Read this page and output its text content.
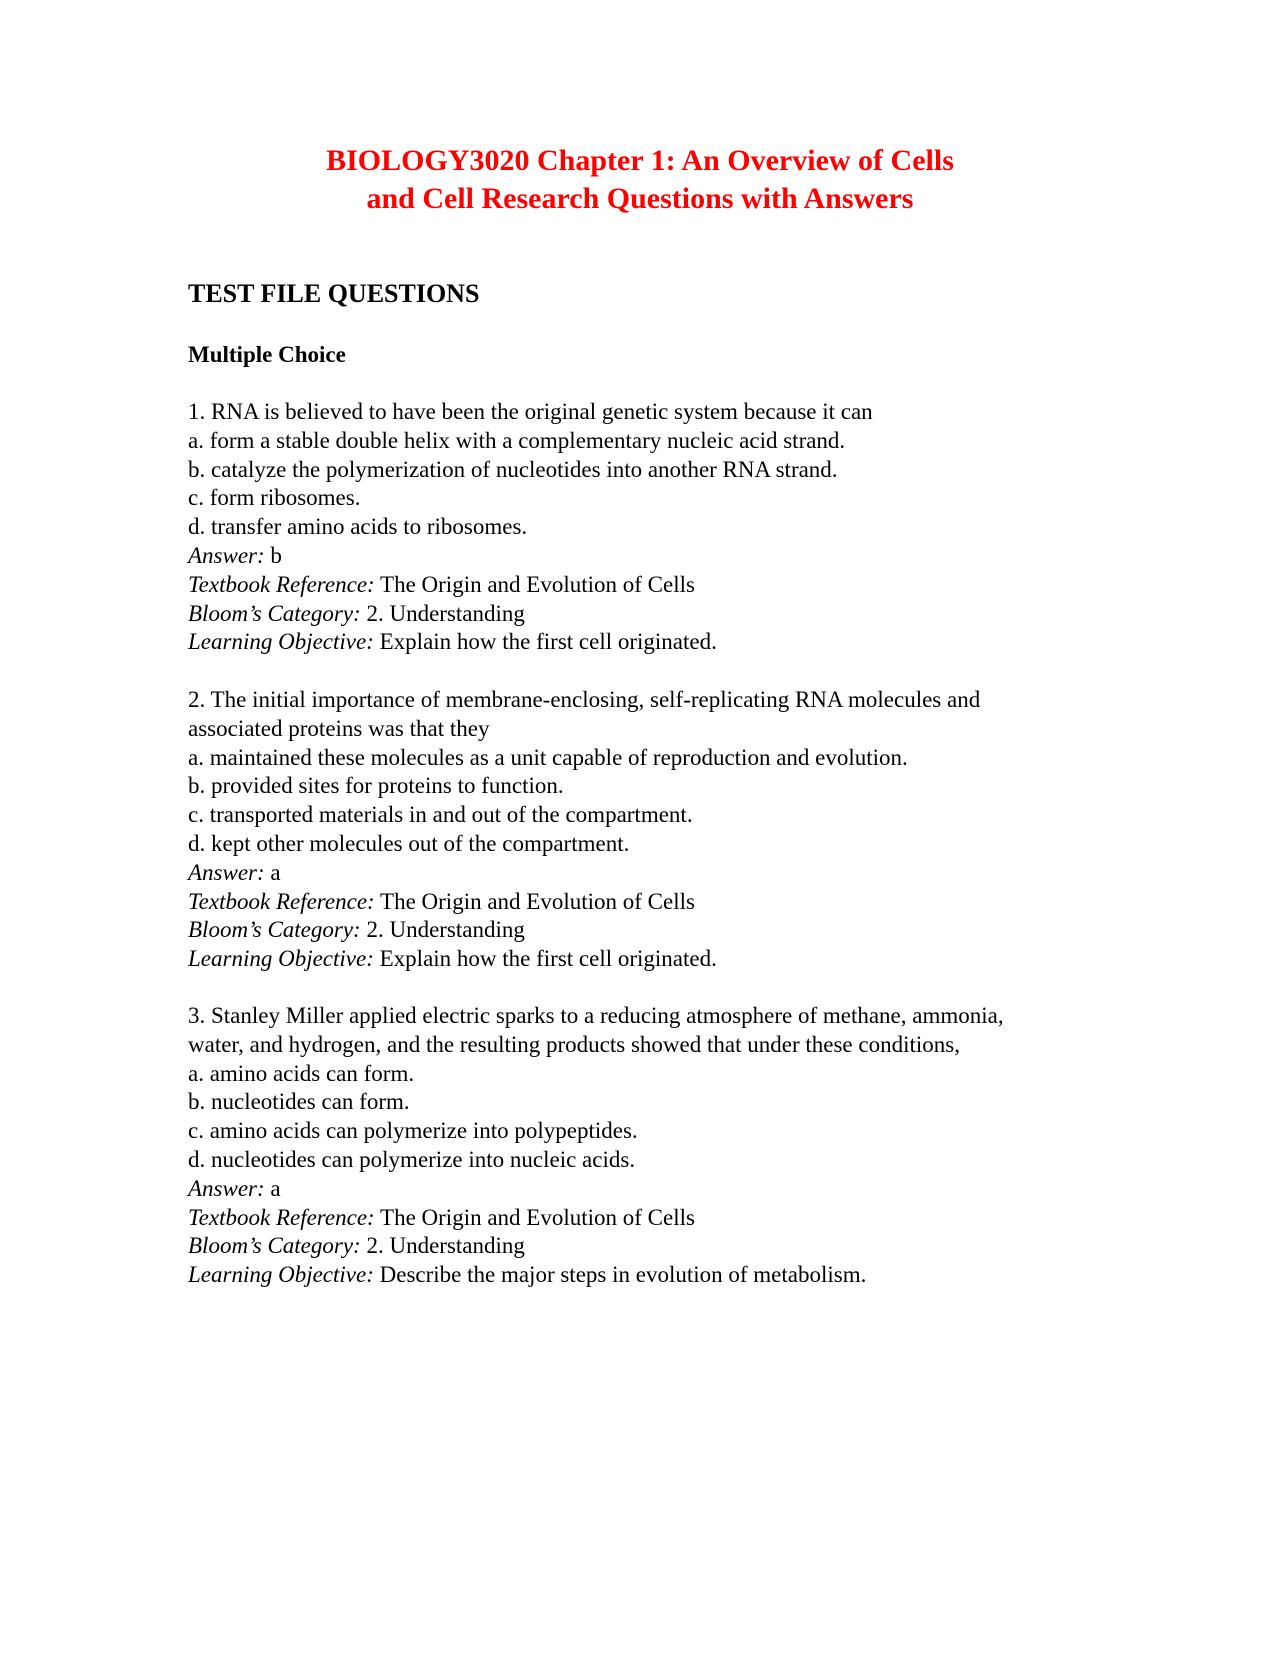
BIOLOGY3020 Chapter 1: An Overview of Cells
and Cell Research Questions with Answers
TEST FILE QUESTIONS
Multiple Choice
1. RNA is believed to have been the original genetic system because it can
a. form a stable double helix with a complementary nucleic acid strand.
b. catalyze the polymerization of nucleotides into another RNA strand.
c. form ribosomes.
d. transfer amino acids to ribosomes.
Answer: b
Textbook Reference: The Origin and Evolution of Cells
Bloom’s Category: 2. Understanding
Learning Objective: Explain how the first cell originated.
2. The initial importance of membrane-enclosing, self-replicating RNA molecules and
associated proteins was that they
a. maintained these molecules as a unit capable of reproduction and evolution.
b. provided sites for proteins to function.
c. transported materials in and out of the compartment.
d. kept other molecules out of the compartment.
Answer: a
Textbook Reference: The Origin and Evolution of Cells
Bloom’s Category: 2. Understanding
Learning Objective: Explain how the first cell originated.
3. Stanley Miller applied electric sparks to a reducing atmosphere of methane, ammonia,
water, and hydrogen, and the resulting products showed that under these conditions,
a. amino acids can form.
b. nucleotides can form.
c. amino acids can polymerize into polypeptides.
d. nucleotides can polymerize into nucleic acids.
Answer: a
Textbook Reference: The Origin and Evolution of Cells
Bloom’s Category: 2. Understanding
Learning Objective: Describe the major steps in evolution of metabolism.
